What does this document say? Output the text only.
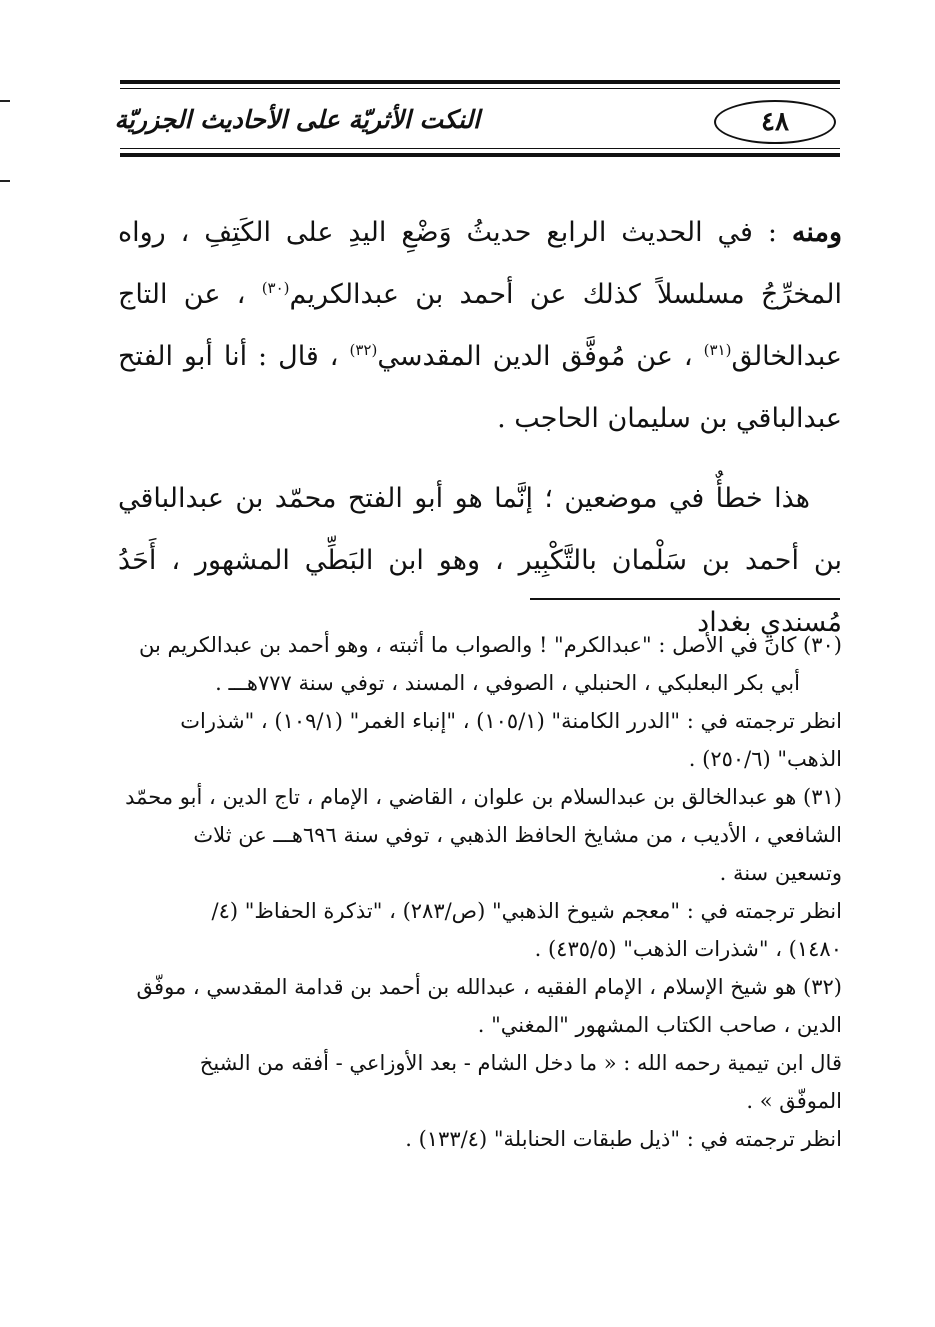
النكت الأثريّة على الأحاديث الجزريّة	٤٨

ومنه : في الحديث الرابع حديثُ وَضْعِ اليدِ على الكَتِفِ ، رواه المخرِّجُ مسلسلاً كذلك عن أحمد بن عبدالكريم$^{(٣٠)}$ ، عن التاج عبدالخالق$^{(٣١)}$ ، عن مُوفَّق الدين المقدسي$^{(٣٢)}$ ، قال : أنا أبو الفتح عبدالباقي بن سليمان الحاجب .

هذا خطأٌ في موضعين ؛ إنَّما هو أبو الفتح محمّد بن عبدالباقي بن أحمد بن سَلْمان بالتَّكْبِير ، وهو ابن البَطِّي المشهور ، أَحَدُ مُسنديِ بغداد

(٣٠) كان في الأصل : "عبدالكرم" ! والصواب ما أثبته ، وهو أحمد بن عبدالكريم بن

أبي بكر البعلبكي ، الحنبلي ، الصوفي ، المسند ، توفي سنة ٧٧٧هـــ .

انظر ترجمته في : "الدرر الكامنة" (١٠٥/١) ، "إنباء الغمر" (١٠٩/١) ، "شذرات

الذهب" (٢٥٠/٦) .

(٣١) هو عبدالخالق بن عبدالسلام بن علوان ، القاضي ، الإمام ، تاج الدين ، أبو محمّد

الشافعي ، الأديب ، من مشايخ الحافظ الذهبي ، توفي سنة ٦٩٦هـــ عن ثلاث

وتسعين سنة .

انظر ترجمته في : "معجم شيوخ الذهبي" (ص/٢٨٣) ، "تذكرة الحفاظ" (٤/

١٤٨٠) ، "شذرات الذهب" (٤٣٥/٥) .

(٣٢) هو شيخ الإسلام ، الإمام الفقيه ، عبدالله بن أحمد بن قدامة المقدسي ، موفّق

الدين ، صاحب الكتاب المشهور "المغني" .

قال ابن تيمية رحمه الله : « ما دخل الشام - بعد الأوزاعي - أفقه من الشيخ

الموفّق » .

انظر ترجمته في : "ذيل طبقات الحنابلة" (١٣٣/٤) .
